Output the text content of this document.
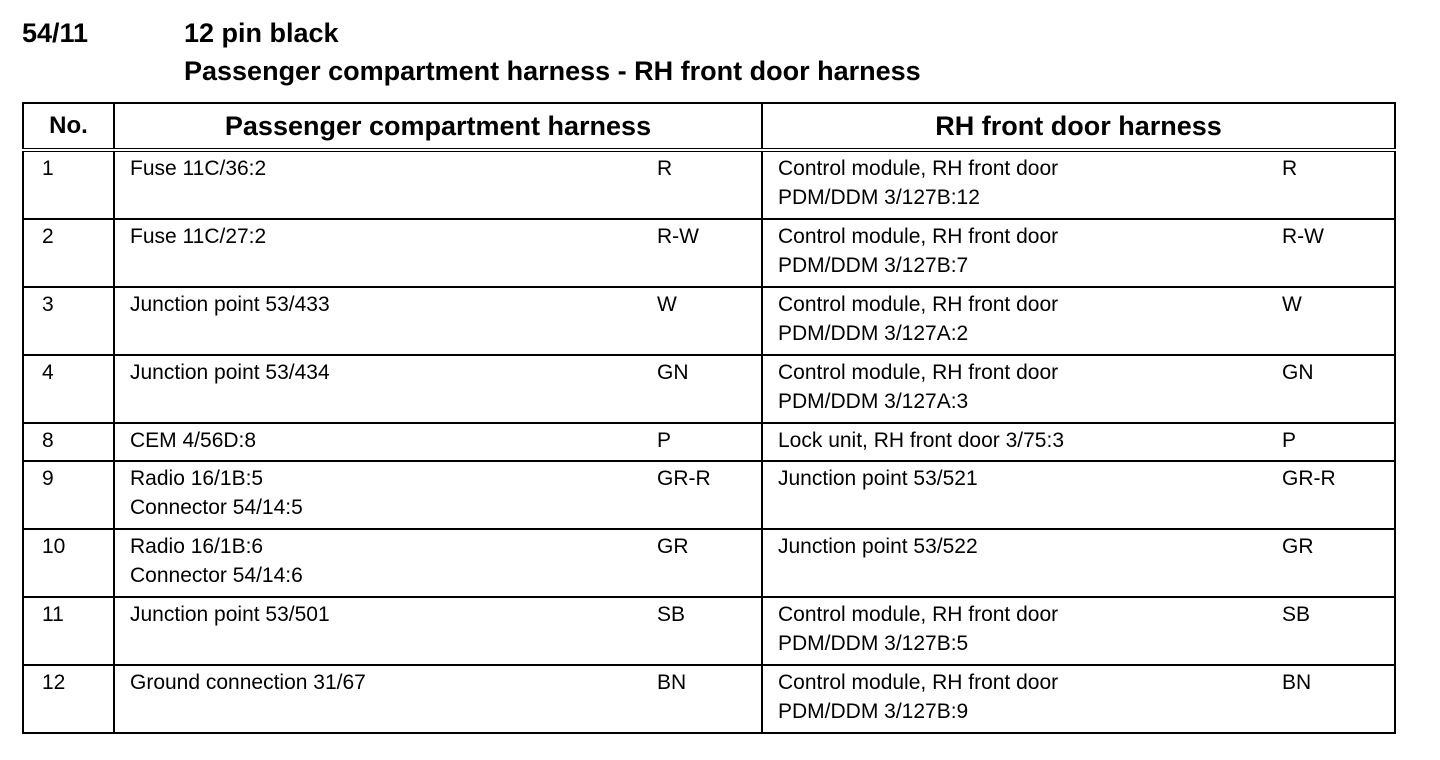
54/11	12 pin black
Passenger compartment harness - RH front door harness
No.	Passenger compartment harness		RH front door harness	

1	Fuse 11C/36:2	R	Control module, RH front door
PDM/DDM 3/127B:12	R

2	Fuse 11C/27:2	R-W	Control module, RH front door
PDM/DDM 3/127B:7	R-W

3	Junction point 53/433	W	Control module, RH front door
PDM/DDM 3/127A:2	W

4	Junction point 53/434	GN	Control module, RH front door
PDM/DDM 3/127A:3	GN

8	CEM 4/56D:8	P	Lock unit, RH front door 3/75:3	P

9	Radio 16/1B:5
Connector 54/14:5	GR-R	Junction point 53/521	GR-R

10	Radio 16/1B:6
Connector 54/14:6	GR	Junction point 53/522	GR

11	Junction point 53/501	SB	Control module, RH front door
PDM/DDM 3/127B:5	SB

12	Ground connection 31/67	BN	Control module, RH front door
PDM/DDM 3/127B:9	BN
